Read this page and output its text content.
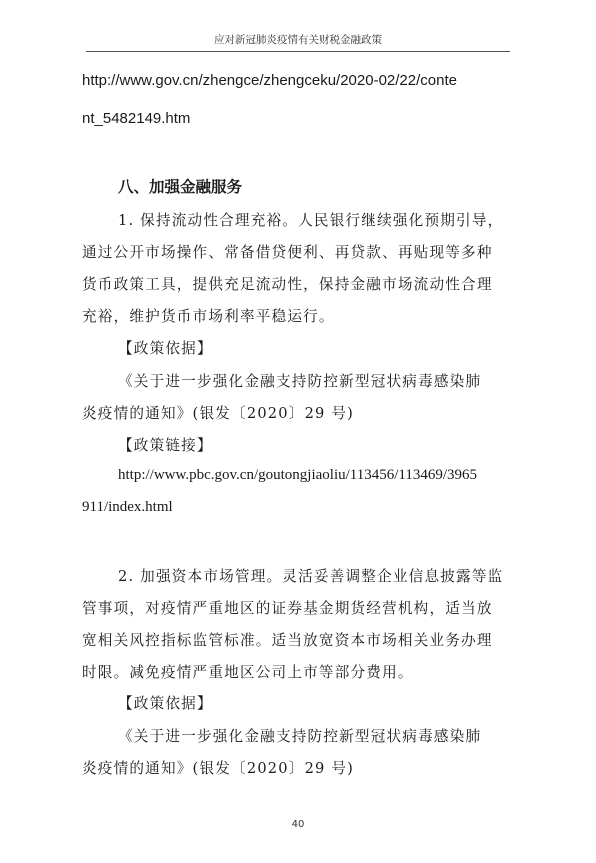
应对新冠肺炎疫情有关财税金融政策
http://www.gov.cn/zhengce/zhengceku/2020-02/22/conte
nt_5482149.htm
八、加强金融服务
1. 保持流动性合理充裕。人民银行继续强化预期引导，
通过公开市场操作、常备借贷便利、再贷款、再贴现等多种
货币政策工具，提供充足流动性，保持金融市场流动性合理
充裕，维护货币市场利率平稳运行。
【政策依据】
《关于进一步强化金融支持防控新型冠状病毒感染肺
炎疫情的通知》(银发〔2020〕29 号)
【政策链接】
http://www.pbc.gov.cn/goutongjiaoliu/113456/113469/3965
911/index.html
2. 加强资本市场管理。灵活妥善调整企业信息披露等监
管事项，对疫情严重地区的证券基金期货经营机构，适当放
宽相关风控指标监管标准。适当放宽资本市场相关业务办理
时限。减免疫情严重地区公司上市等部分费用。
【政策依据】
《关于进一步强化金融支持防控新型冠状病毒感染肺
炎疫情的通知》(银发〔2020〕29 号)
40
